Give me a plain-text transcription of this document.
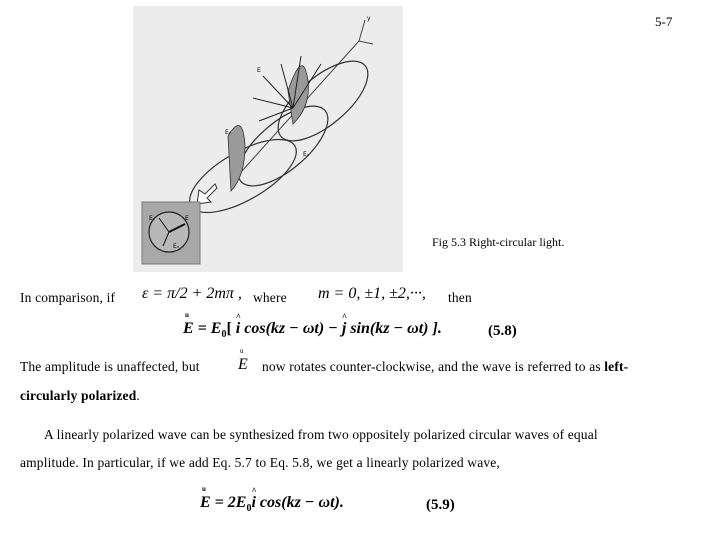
5-7
y
E
Eᵧ
Eₓ
Eᵧ	E
Eₓ	Fig 5.3 Right-circular light.
In comparison, if ε = π/2 + 2mπ , where m = 0, ±1, ±2,···, then
u
$E = E_0$[ ^ i cos(kz − ωt) − ^ j sin(kz − ωt) ].	(5.8)
The amplitude is unaffected, but
u
E now rotates counter-clockwise, and the wave is referred to as left-
circularly polarized.
A linearly polarized wave can be synthesized from two oppositely polarized circular waves of equal
amplitude. In particular, if we add Eq. 5.7 to Eq. 5.8, we get a linearly polarized wave,
u
$E = 2E_0\^{}$ i cos(kz − ωt).	(5.9)
